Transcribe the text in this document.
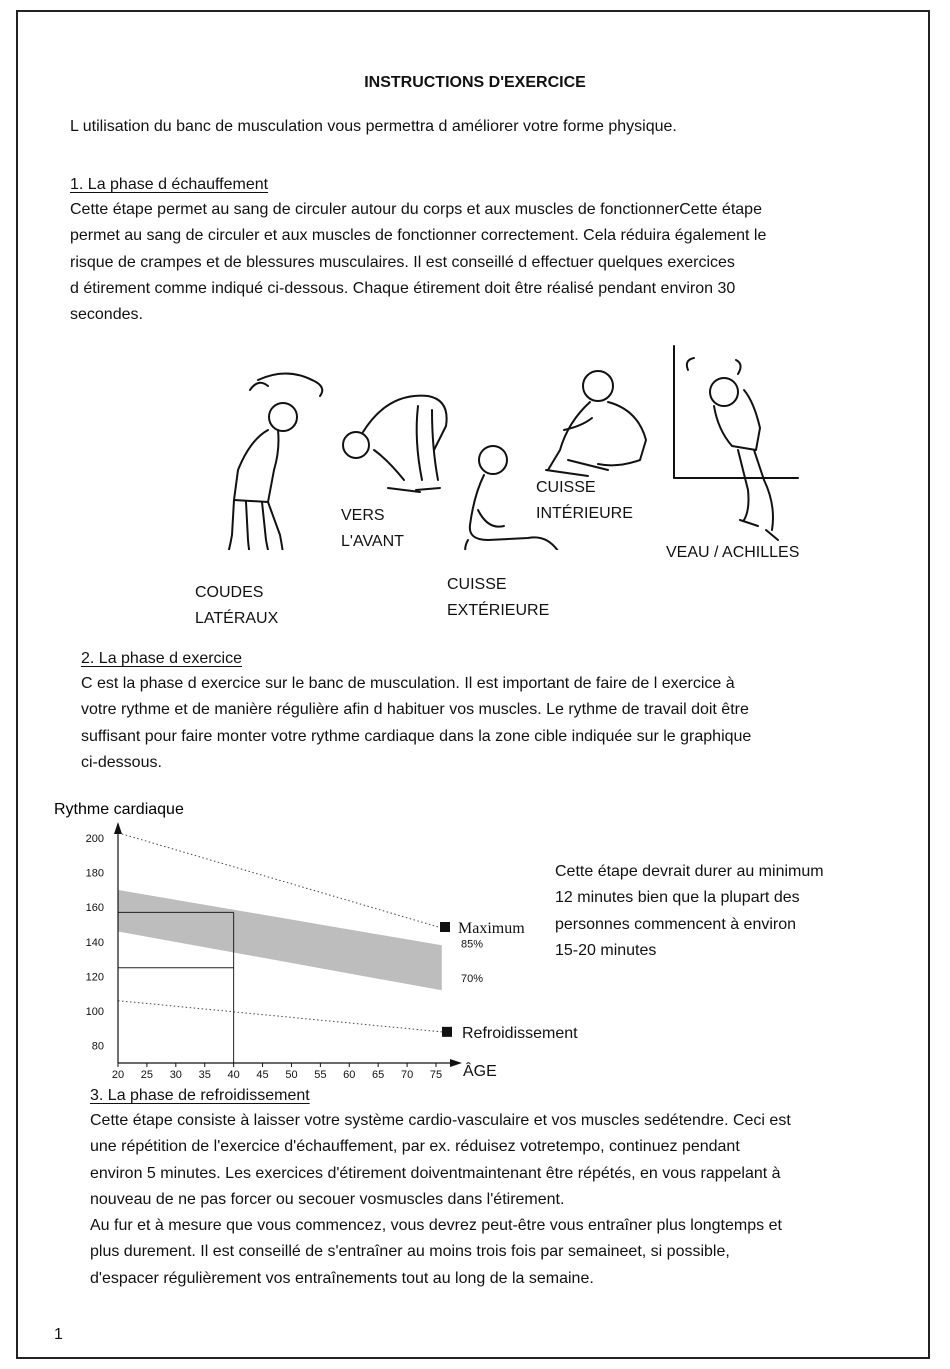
INSTRUCTIONS D'EXERCICE
L utilisation du banc de musculation vous permettra d améliorer votre forme physique.
1. La phase d échauffement
Cette étape permet au sang de circuler autour du corps et aux muscles de fonctionnerCette étape
permet au sang de circuler et aux muscles de fonctionner correctement. Cela réduira également le
risque de crampes et de blessures musculaires. Il est conseillé d effectuer quelques exercices
d étirement comme indiqué ci-dessous. Chaque étirement doit être réalisé pendant environ 30
secondes.
COUDES
LATÉRAUX
VERS
L'AVANT
CUISSE
EXTÉRIEURE
CUISSE
INTÉRIEURE
VEAU / ACHILLES
2. La phase d exercice
C est la phase d exercice sur le banc de musculation. Il est important de faire de l exercice à
votre rythme et de manière régulière afin d habituer vos muscles. Le rythme de travail doit être
suffisant pour faire monter votre rythme cardiaque dans la zone cible indiquée sur le graphique
ci-dessous.
Rythme cardiaque
80
100
120
140
160
180
200
20 25 30 35 40 45 50 55 60 65 70 75 ÂGE
Maximum
85%
70%
Refroidissement
Cette étape devrait durer au minimum
12 minutes bien que la plupart des
personnes commencent à environ
15-20 minutes
3. La phase de refroidissement
Cette étape consiste à laisser votre système cardio-vasculaire et vos muscles sedétendre. Ceci est
une répétition de l'exercice d'échauffement, par ex. réduisez votretempo, continuez pendant
environ 5 minutes. Les exercices d'étirement doiventmaintenant être répétés, en vous rappelant à
nouveau de ne pas forcer ou secouer vosmuscles dans l'étirement.
Au fur et à mesure que vous commencez, vous devrez peut-être vous entraîner plus longtemps et
plus durement. Il est conseillé de s'entraîner au moins trois fois par semaineet, si possible,
d'espacer régulièrement vos entraînements tout au long de la semaine.
1
